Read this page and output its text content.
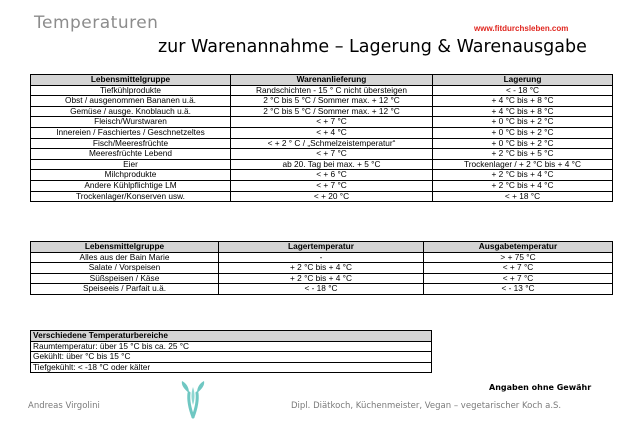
Temperaturen	www.fitdurchsleben.com
zur Warenannahme – Lagerung & Warenausgabe
Lebensmittelgruppe	Warenanlieferung	Lagerung
Tiefkühlprodukte	Randschichten - 15 ° C nicht übersteigen	< - 18 °C
Obst / ausgenommen Bananen u.ä.	2 °C bis 5 °C / Sommer max. + 12 °C	+ 4 °C bis + 8 °C
Gemüse / ausge. Knoblauch u.ä.	2 °C bis 5 °C / Sommer max. + 12 °C	+ 4 °C bis + 8 °C
Fleisch/Wurstwaren	< + 7 °C	+ 0 °C bis + 2 °C
Innereien / Faschiertes / Geschnetzeltes	< + 4 °C	+ 0 °C bis + 2 °C
Fisch/Meeresfrüchte	< + 2 ° C / „Schmelzeistemperatur“	+ 0 °C bis + 2 °C
Meeresfrüchte Lebend	< + 7 °C	+ 2 °C bis + 5 °C
Eier	ab 20. Tag bei max. + 5 °C	Trockenlager / + 2 °C bis + 4 °C
Milchprodukte	< + 6 °C	+ 2 °C bis + 4 °C
Andere Kühlpflichtige LM	< + 7 °C	+ 2 °C bis + 4 °C
Trockenlager/Konserven usw.	< + 20 °C	< + 18 °C
Lebensmittelgruppe	Lagertemperatur	Ausgabetemperatur
Alles aus der Bain Marie	-	> + 75 °C
Salate / Vorspeisen	+ 2 °C bis + 4 °C	< + 7 °C
Süßspeisen / Käse	+ 2 °C bis + 4 °C	< + 7 °C
Speiseeis / Parfait u.ä.	< - 18 °C	< - 13 °C
Verschiedene Temperaturbereiche
Raumtemperatur: über 15 °C bis ca. 25 °C
Gekühlt: über °C bis 15 °C
Tiefgekühlt: < -18 °C oder kälter
Angaben ohne Gewähr
Andreas Virgolini	Dipl. Diätkoch, Küchenmeister, Vegan – vegetarischer Koch a.S.
